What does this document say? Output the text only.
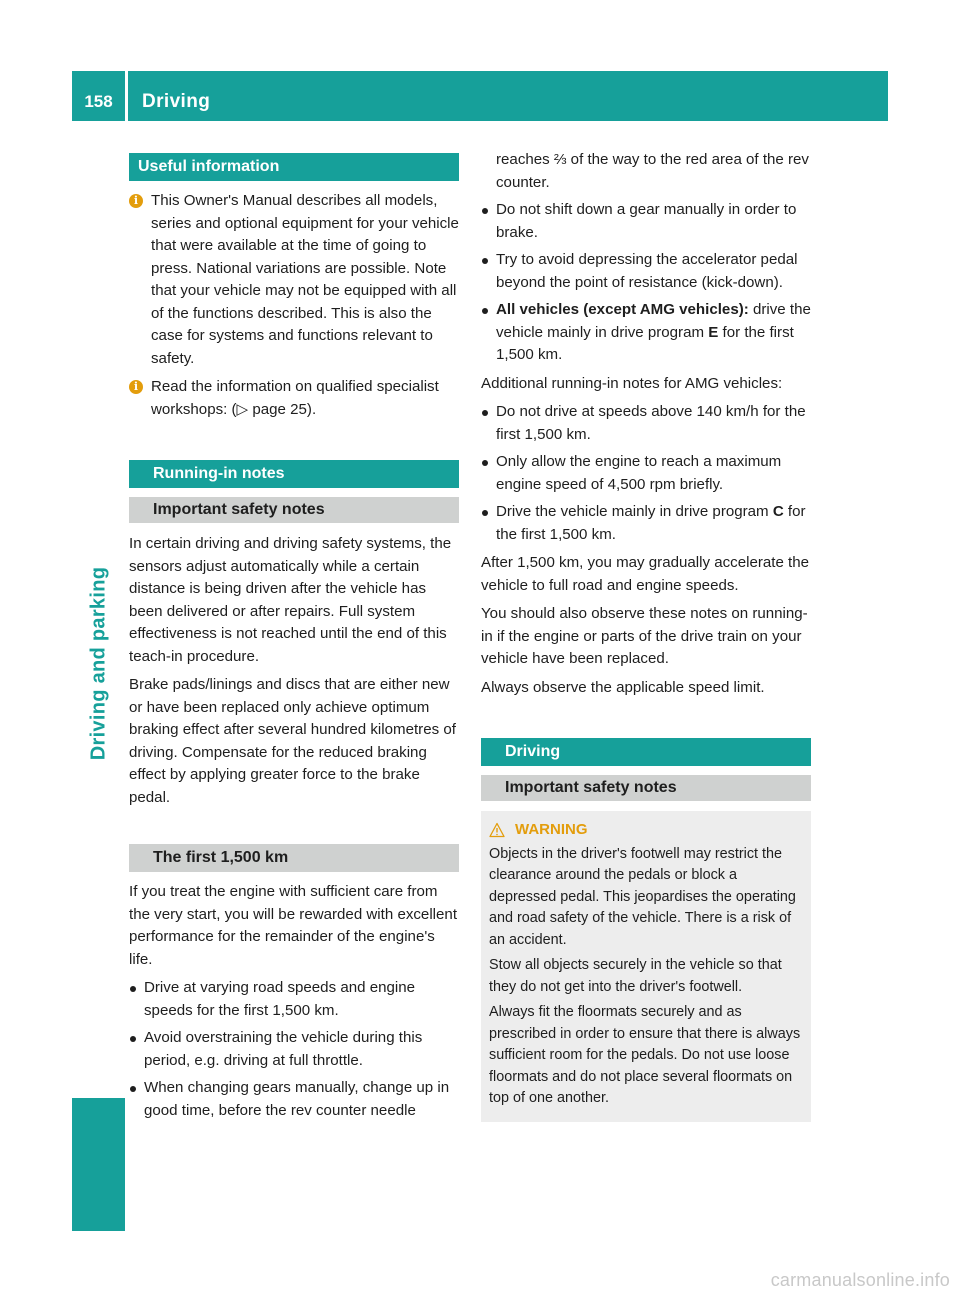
158	Driving
Driving and parking
Useful information
i This Owner's Manual describes all models, series and optional equipment for your vehicle that were available at the time of going to press. National variations are possible. Note that your vehicle may not be equipped with all of the functions described. This is also the case for systems and functions relevant to safety.
i Read the information on qualified specialist workshops: (▷ page 25).
Running-in notes
Important safety notes

In certain driving and driving safety systems, the sensors adjust automatically while a certain distance is being driven after the vehicle has been delivered or after repairs. Full system effectiveness is not reached until the end of this teach-in procedure.

Brake pads/linings and discs that are either new or have been replaced only achieve optimum braking effect after several hundred kilometres of driving. Compensate for the reduced braking effect by applying greater force to the brake pedal.

The first 1,500 km

If you treat the engine with sufficient care from the very start, you will be rewarded with excellent performance for the remainder of the engine's life.

Drive at varying road speeds and engine speeds for the first 1,500 km.
Avoid overstraining the vehicle during this period, e.g. driving at full throttle.
When changing gears manually, change up in good time, before the rev counter needle

reaches ⅔ of the way to the red area of the rev counter.

Do not shift down a gear manually in order to brake.
Try to avoid depressing the accelerator pedal beyond the point of resistance (kick-down).
All vehicles (except AMG vehicles): drive the vehicle mainly in drive program E for the first 1,500 km.

Additional running-in notes for AMG vehicles:

Do not drive at speeds above 140 km/h for the first 1,500 km.
Only allow the engine to reach a maximum engine speed of 4,500 rpm briefly.
Drive the vehicle mainly in drive program C for the first 1,500 km.

After 1,500 km, you may gradually accelerate the vehicle to full road and engine speeds.

You should also observe these notes on running-in if the engine or parts of the drive train on your vehicle have been replaced.

Always observe the applicable speed limit.

Driving
Important safety notes
WARNING

Objects in the driver's footwell may restrict the clearance around the pedals or block a depressed pedal. This jeopardises the operating and road safety of the vehicle. There is a risk of an accident.

Stow all objects securely in the vehicle so that they do not get into the driver's footwell.

Always fit the floormats securely and as prescribed in order to ensure that there is always sufficient room for the pedals. Do not use loose floormats and do not place several floormats on top of one another.

carmanualsonline.info
